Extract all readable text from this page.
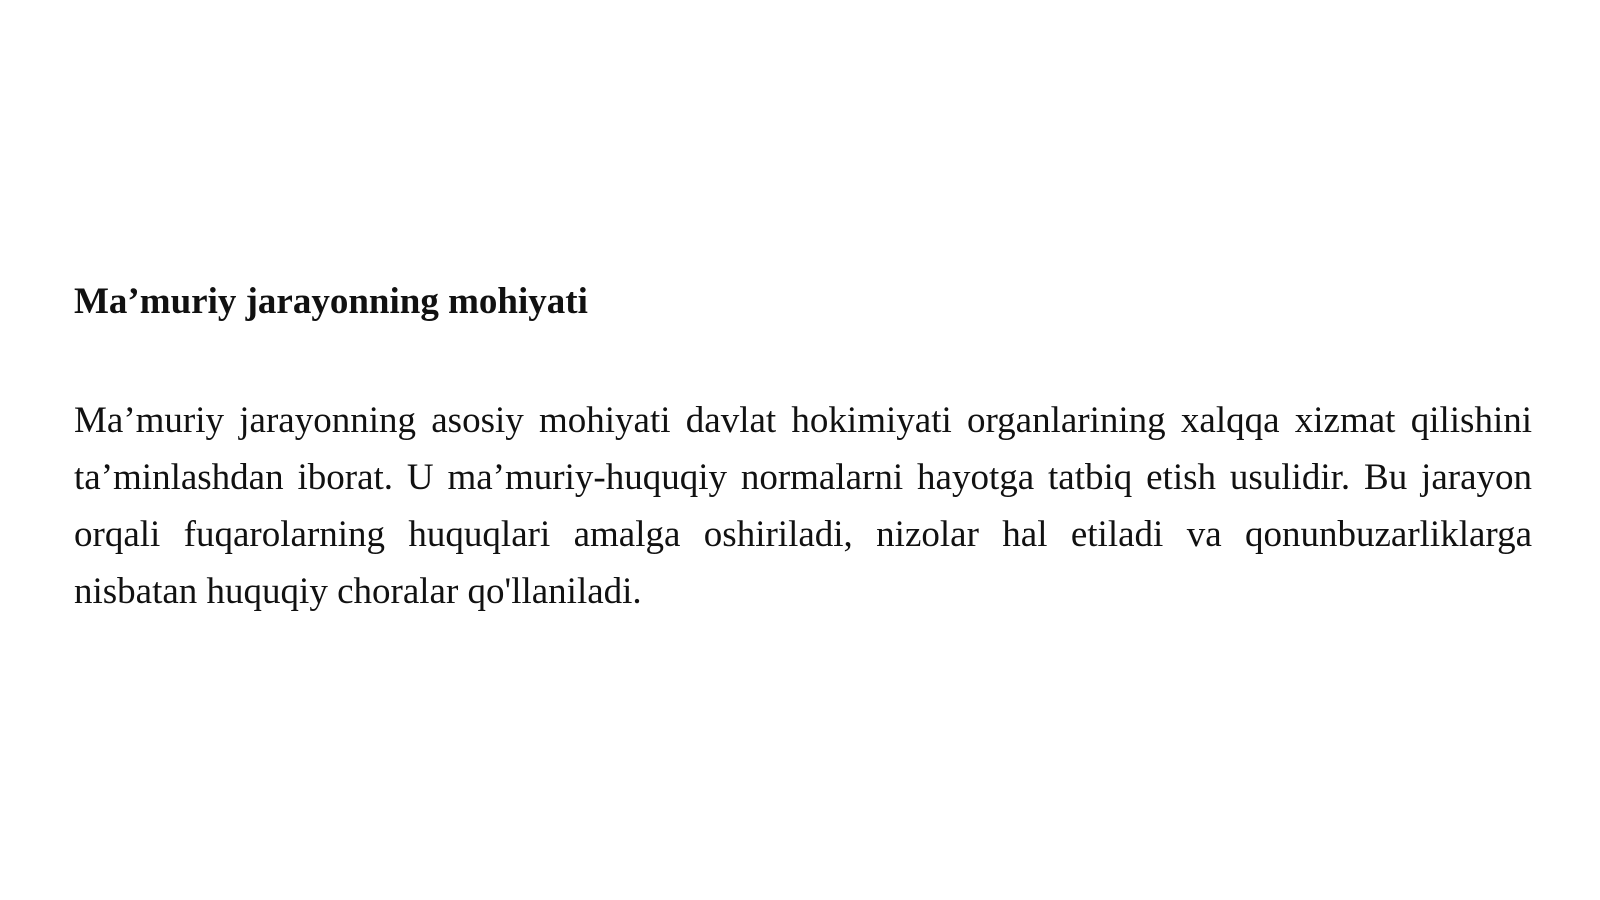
Ma’muriy jarayonning mohiyati

Ma’muriy jarayonning asosiy mohiyati davlat hokimiyati organlarining xalqqa xizmat qilishini ta’minlashdan iborat. U ma’muriy-huquqiy normalarni hayotga tatbiq etish usulidir. Bu jarayon orqali fuqarolarning huquqlari amalga oshiriladi, nizolar hal etiladi va qonunbuzarliklarga nisbatan huquqiy choralar qo'llaniladi.
